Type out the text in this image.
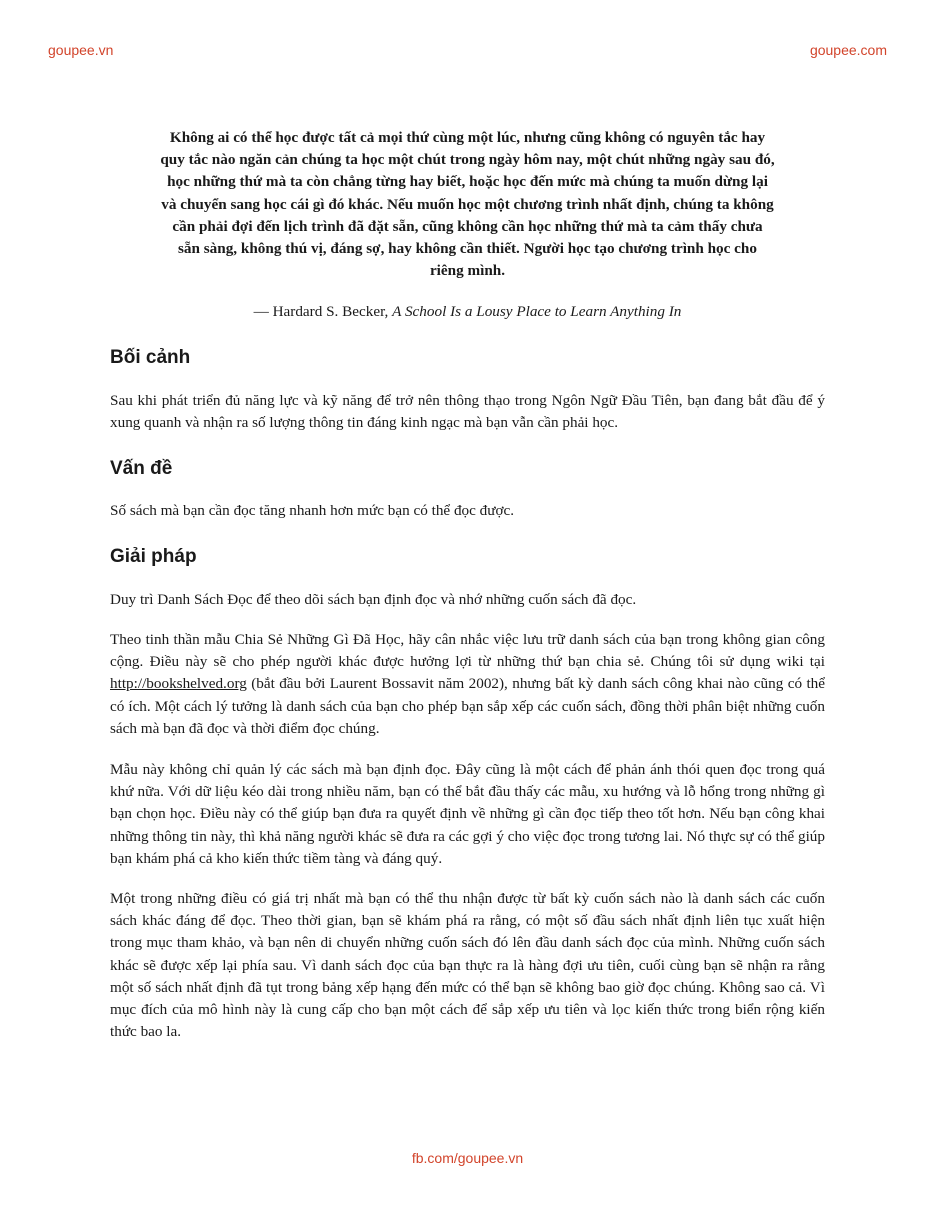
goupee.vn	goupee.com

Không ai có thể học được tất cả mọi thứ cùng một lúc, nhưng cũng không có nguyên tắc hay quy tắc nào ngăn cản chúng ta học một chút trong ngày hôm nay, một chút những ngày sau đó, học những thứ mà ta còn chẳng từng hay biết, hoặc học đến mức mà chúng ta muốn dừng lại và chuyển sang học cái gì đó khác. Nếu muốn học một chương trình nhất định, chúng ta không cần phải đợi đến lịch trình đã đặt sẵn, cũng không cần học những thứ mà ta cảm thấy chưa sẵn sàng, không thú vị, đáng sợ, hay không cần thiết. Người học tạo chương trình học cho riêng mình.

— Hardard S. Becker, A School Is a Lousy Place to Learn Anything In
Bối cảnh

Sau khi phát triển đủ năng lực và kỹ năng để trở nên thông thạo trong Ngôn Ngữ Đầu Tiên, bạn đang bắt đầu để ý xung quanh và nhận ra số lượng thông tin đáng kinh ngạc mà bạn vẫn cần phải học.

Vấn đề

Số sách mà bạn cần đọc tăng nhanh hơn mức bạn có thể đọc được.

Giải pháp

Duy trì Danh Sách Đọc để theo dõi sách bạn định đọc và nhớ những cuốn sách đã đọc.

Theo tinh thần mẫu Chia Sẻ Những Gì Đã Học, hãy cân nhắc việc lưu trữ danh sách của bạn trong không gian công cộng. Điều này sẽ cho phép người khác được hưởng lợi từ những thứ bạn chia sẻ. Chúng tôi sử dụng wiki tại http://bookshelved.org (bắt đầu bởi Laurent Bossavit năm 2002), nhưng bất kỳ danh sách công khai nào cũng có thể có ích. Một cách lý tưởng là danh sách của bạn cho phép bạn sắp xếp các cuốn sách, đồng thời phân biệt những cuốn sách mà bạn đã đọc và thời điểm đọc chúng.

Mẫu này không chỉ quản lý các sách mà bạn định đọc. Đây cũng là một cách để phản ánh thói quen đọc trong quá khứ nữa. Với dữ liệu kéo dài trong nhiều năm, bạn có thể bắt đầu thấy các mẫu, xu hướng và lỗ hổng trong những gì bạn chọn học. Điều này có thể giúp bạn đưa ra quyết định về những gì cần đọc tiếp theo tốt hơn. Nếu bạn công khai những thông tin này, thì khả năng người khác sẽ đưa ra các gợi ý cho việc đọc trong tương lai. Nó thực sự có thể giúp bạn khám phá cả kho kiến thức tiềm tàng và đáng quý.

Một trong những điều có giá trị nhất mà bạn có thể thu nhận được từ bất kỳ cuốn sách nào là danh sách các cuốn sách khác đáng để đọc. Theo thời gian, bạn sẽ khám phá ra rằng, có một số đầu sách nhất định liên tục xuất hiện trong mục tham khảo, và bạn nên di chuyển những cuốn sách đó lên đầu danh sách đọc của mình. Những cuốn sách khác sẽ được xếp lại phía sau. Vì danh sách đọc của bạn thực ra là hàng đợi ưu tiên, cuối cùng bạn sẽ nhận ra rằng một số sách nhất định đã tụt trong bảng xếp hạng đến mức có thể bạn sẽ không bao giờ đọc chúng. Không sao cả. Vì mục đích của mô hình này là cung cấp cho bạn một cách để sắp xếp ưu tiên và lọc kiến thức trong biển rộng kiến thức bao la.

fb.com/goupee.vn
